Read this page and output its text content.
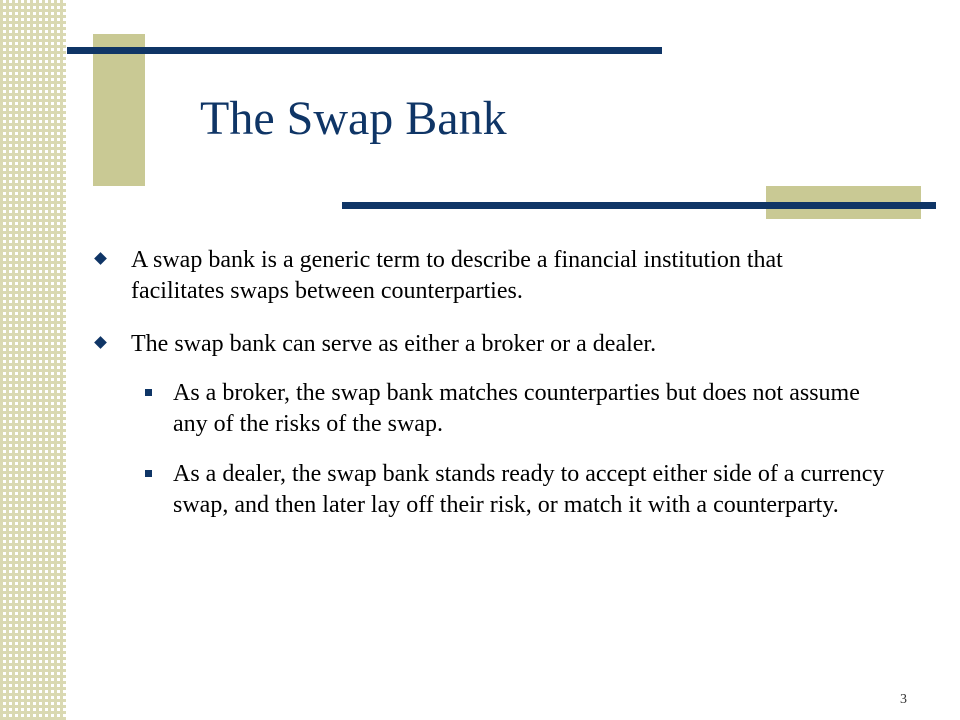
The Swap Bank
A swap bank is a generic term to describe a financial institution that facilitates swaps between counterparties.
The swap bank can serve as either a broker or a dealer.
As a broker, the swap bank matches counterparties but does not assume any of the risks of the swap.
As a dealer, the swap bank stands ready to accept either side of a currency swap, and then later lay off their risk, or match it with a counterparty.
3
